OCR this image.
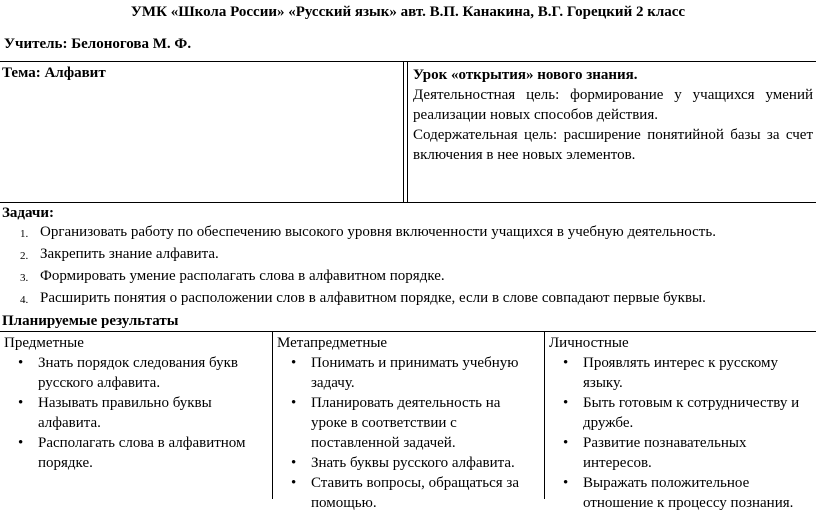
УМК «Школа России» «Русский язык» авт. В.П. Канакина, В.Г. Горецкий 2 класс
Учитель: Белоногова М. Ф.
Тема: Алфавит	Урок «открытия» нового знания.
Деятельностная цель: формирование у учащихся умений реализации новых способов действия.
Содержательная цель: расширение понятийной базы за счет включения в нее новых элементов.
Задачи:
1. Организовать работу по обеспечению высокого уровня включенности учащихся в учебную деятельность.
2. Закрепить знание алфавита.
3. Формировать умение располагать слова в алфавитном порядке.
4. Расширить понятия о расположении слов в алфавитном порядке, если в слове совпадают первые буквы.
Планируемые результаты
Предметные
• Знать порядок следования букв русского алфавита.
• Называть правильно буквы алфавита.
• Располагать слова в алфавитном порядке.
Метапредметные
• Понимать и принимать учебную задачу.
• Планировать деятельность на уроке в соответствии с поставленной задачей.
• Знать буквы русского алфавита.
• Ставить вопросы, обращаться за помощью.
Личностные
• Проявлять интерес к русскому языку.
• Быть готовым к сотрудничеству и дружбе.
• Развитие познавательных интересов.
• Выражать положительное отношение к процессу познания.
